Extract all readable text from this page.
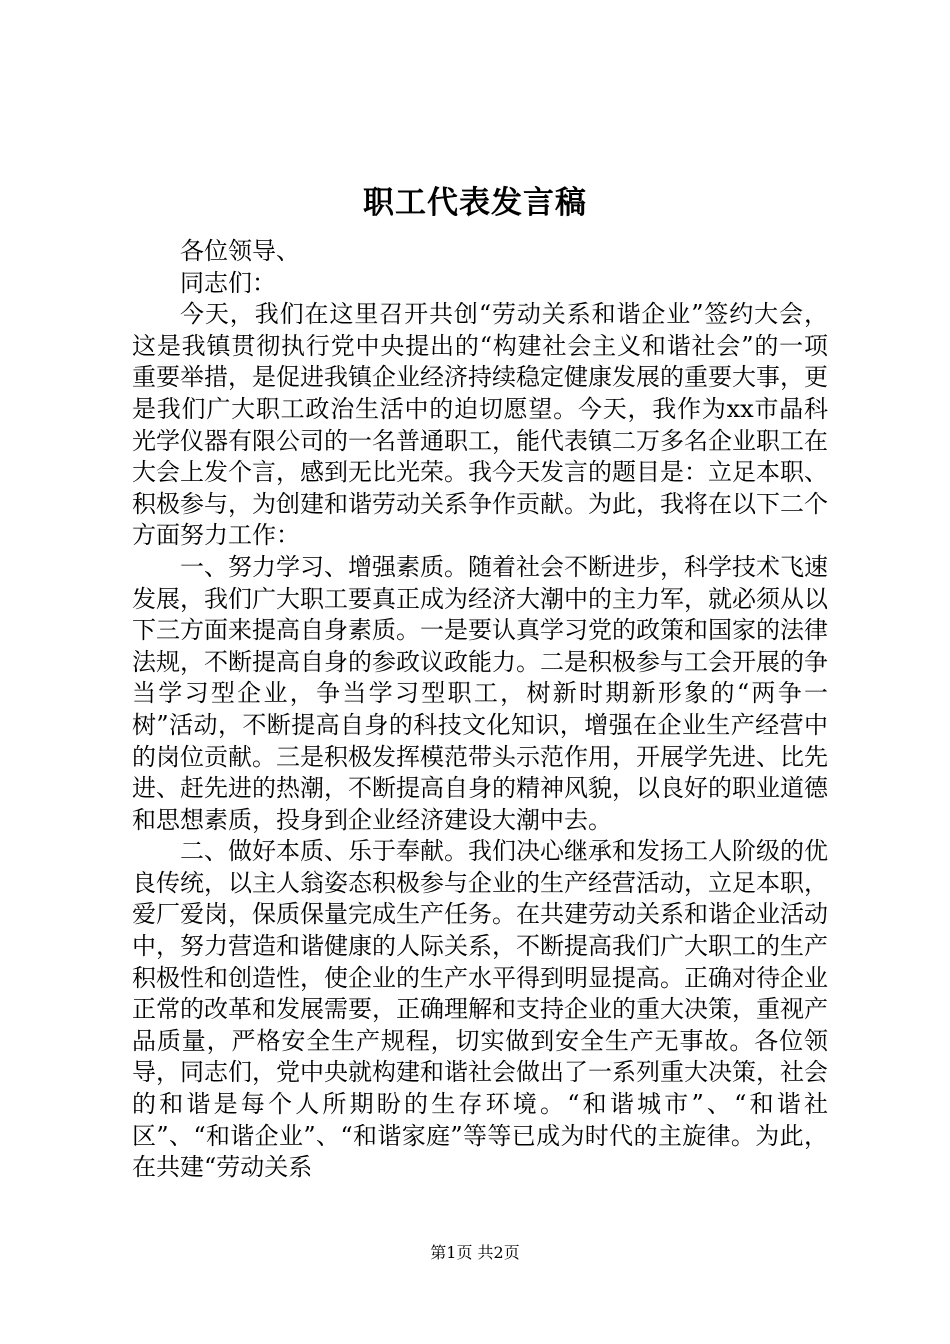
职工代表发言稿

各位领导、

同志们：

今天，我们在这里召开共创“劳动关系和谐企业”签约大会，这是我镇贯彻执行党中央提出的“构建社会主义和谐社会”的一项重要举措，是促进我镇企业经济持续稳定健康发展的重要大事，更是我们广大职工政治生活中的迫切愿望。今天，我作为xx市晶科光学仪器有限公司的一名普通职工，能代表镇二万多名企业职工在大会上发个言，感到无比光荣。我今天发言的题目是：立足本职、积极参与，为创建和谐劳动关系争作贡献。为此，我将在以下二个方面努力工作：

一、努力学习、增强素质。随着社会不断进步，科学技术飞速发展，我们广大职工要真正成为经济大潮中的主力军，就必须从以下三方面来提高自身素质。一是要认真学习党的政策和国家的法律法规，不断提高自身的参政议政能力。二是积极参与工会开展的争当学习型企业，争当学习型职工，树新时期新形象的“两争一树”活动，不断提高自身的科技文化知识，增强在企业生产经营中的岗位贡献。三是积极发挥模范带头示范作用，开展学先进、比先进、赶先进的热潮，不断提高自身的精神风貌，以良好的职业道德和思想素质，投身到企业经济建设大潮中去。

二、做好本质、乐于奉献。我们决心继承和发扬工人阶级的优良传统，以主人翁姿态积极参与企业的生产经营活动，立足本职，爱厂爱岗，保质保量完成生产任务。在共建劳动关系和谐企业活动中，努力营造和谐健康的人际关系，不断提高我们广大职工的生产积极性和创造性，使企业的生产水平得到明显提高。正确对待企业正常的改革和发展需要，正确理解和支持企业的重大决策，重视产品质量，严格安全生产规程，切实做到安全生产无事故。各位领导，同志们，党中央就构建和谐社会做出了一系列重大决策，社会的和谐是每个人所期盼的生存环境。“和谐城市”、“和谐社区”、“和谐企业”、“和谐家庭”等等已成为时代的主旋律。为此，在共建“劳动关系

第1页 共2页
